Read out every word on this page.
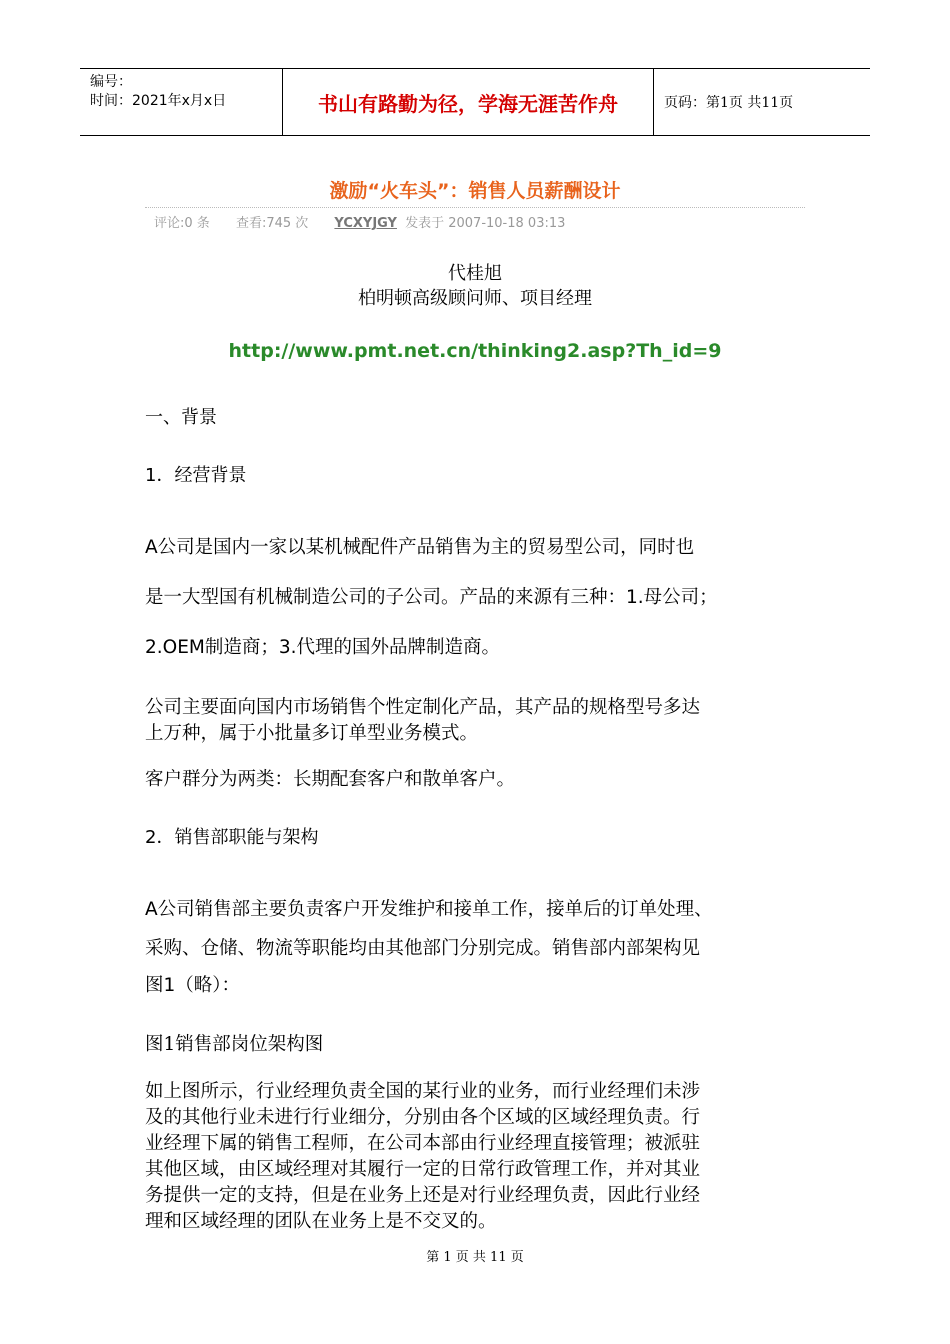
编号：
时间：2021年x月x日	书山有路勤为径，学海无涯苦作舟	页码：第1页 共11页
激励“火车头”：销售人员薪酬设计
评论:0 条 查看:745 次 YCXYJGY 发表于 2007-10-18 03:13
代桂旭
柏明顿高级顾问师、项目经理
http://www.pmt.net.cn/thinking2.asp?Th_id=9
一、背景
1．经营背景
A公司是国内一家以某机械配件产品销售为主的贸易型公司，同时也
是一大型国有机械制造公司的子公司。产品的来源有三种：1.母公司；
2.OEM制造商；3.代理的国外品牌制造商。
公司主要面向国内市场销售个性定制化产品，其产品的规格型号多达
上万种，属于小批量多订单型业务模式。
客户群分为两类：长期配套客户和散单客户。
2．销售部职能与架构
A公司销售部主要负责客户开发维护和接单工作，接单后的订单处理、
采购、仓储、物流等职能均由其他部门分别完成。销售部内部架构见
图1（略）：
图1销售部岗位架构图
如上图所示，行业经理负责全国的某行业的业务，而行业经理们未涉
及的其他行业未进行行业细分，分别由各个区域的区域经理负责。行
业经理下属的销售工程师，在公司本部由行业经理直接管理；被派驻
其他区域，由区域经理对其履行一定的日常行政管理工作，并对其业
务提供一定的支持，但是在业务上还是对行业经理负责，因此行业经
理和区域经理的团队在业务上是不交叉的。
第 1 页 共 11 页
